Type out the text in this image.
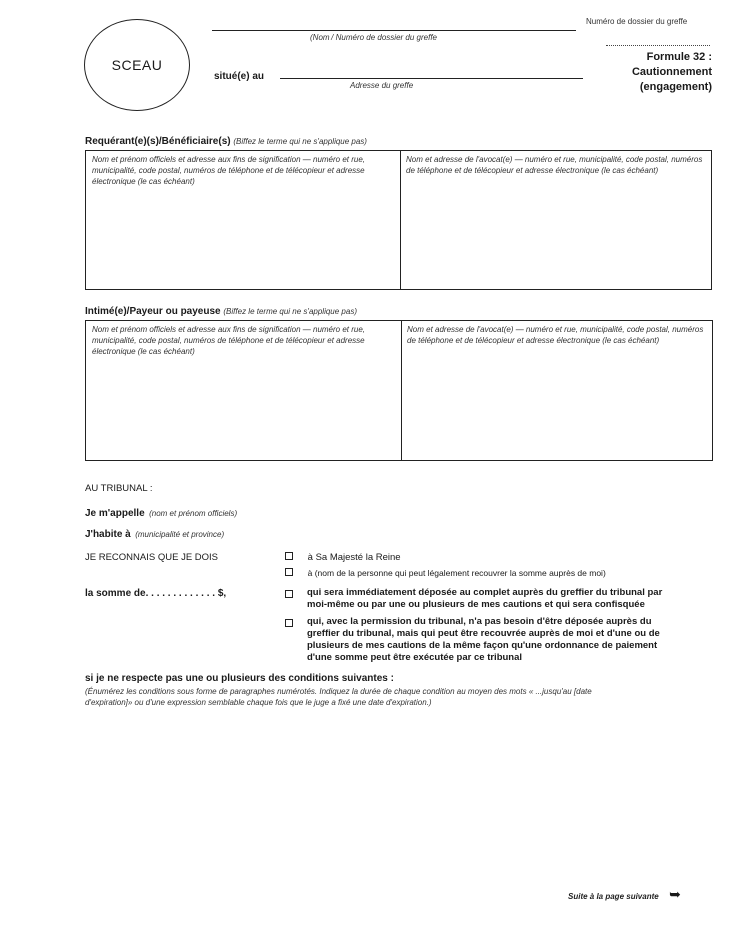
SCEAU
Numéro de dossier du greffe
(Nom / Numéro de dossier du greffe
situé(e) au
Adresse du greffe
Formule 32 :
Cautionnement
(engagement)
Requérant(e)(s)/Bénéficiaire(s) (Biffez le terme qui ne s'applique pas)
Nom et prénom officiels et adresse aux fins de signification — numéro et rue, municipalité, code postal, numéros de téléphone et de télécopieur et adresse électronique (le cas échéant)
Nom et adresse de l'avocat(e) — numéro et rue, municipalité, code postal, numéros de téléphone et de télécopieur et adresse électronique (le cas échéant)
Intimé(e)/Payeur ou payeuse (Biffez le terme qui ne s'applique pas)
Nom et prénom officiels et adresse aux fins de signification — numéro et rue, municipalité, code postal, numéros de téléphone et de télécopieur et adresse électronique (le cas échéant)
Nom et adresse de l'avocat(e) — numéro et rue, municipalité, code postal, numéros de téléphone et de télécopieur et adresse électronique (le cas échéant)
AU TRIBUNAL :
Je m'appelle (nom et prénom officiels)
J'habite à (municipalité et province)
JE RECONNAIS QUE JE DOIS	à Sa Majesté la Reine
à (nom de la personne qui peut légalement recouvrer la somme auprès de moi)
la somme de. . . . . . . . . . . . . $,	qui sera immédiatement déposée au complet auprès du greffier du tribunal par
moi-même ou par une ou plusieurs de mes cautions et qui sera confisquée
qui, avec la permission du tribunal, n'a pas besoin d'être déposée auprès du
greffier du tribunal, mais qui peut être recouvrée auprès de moi et d'une ou de
plusieurs de mes cautions de la même façon qu'une ordonnance de paiement
d'une somme peut être exécutée par ce tribunal
si je ne respecte pas une ou plusieurs des conditions suivantes :
(Énumérez les conditions sous forme de paragraphes numérotés. Indiquez la durée de chaque condition au moyen des mots « ...jusqu'au [date
d'expiration]» ou d'une expression semblable chaque fois que le juge a fixé une date d'expiration.)
Suite à la page suivante ➥
